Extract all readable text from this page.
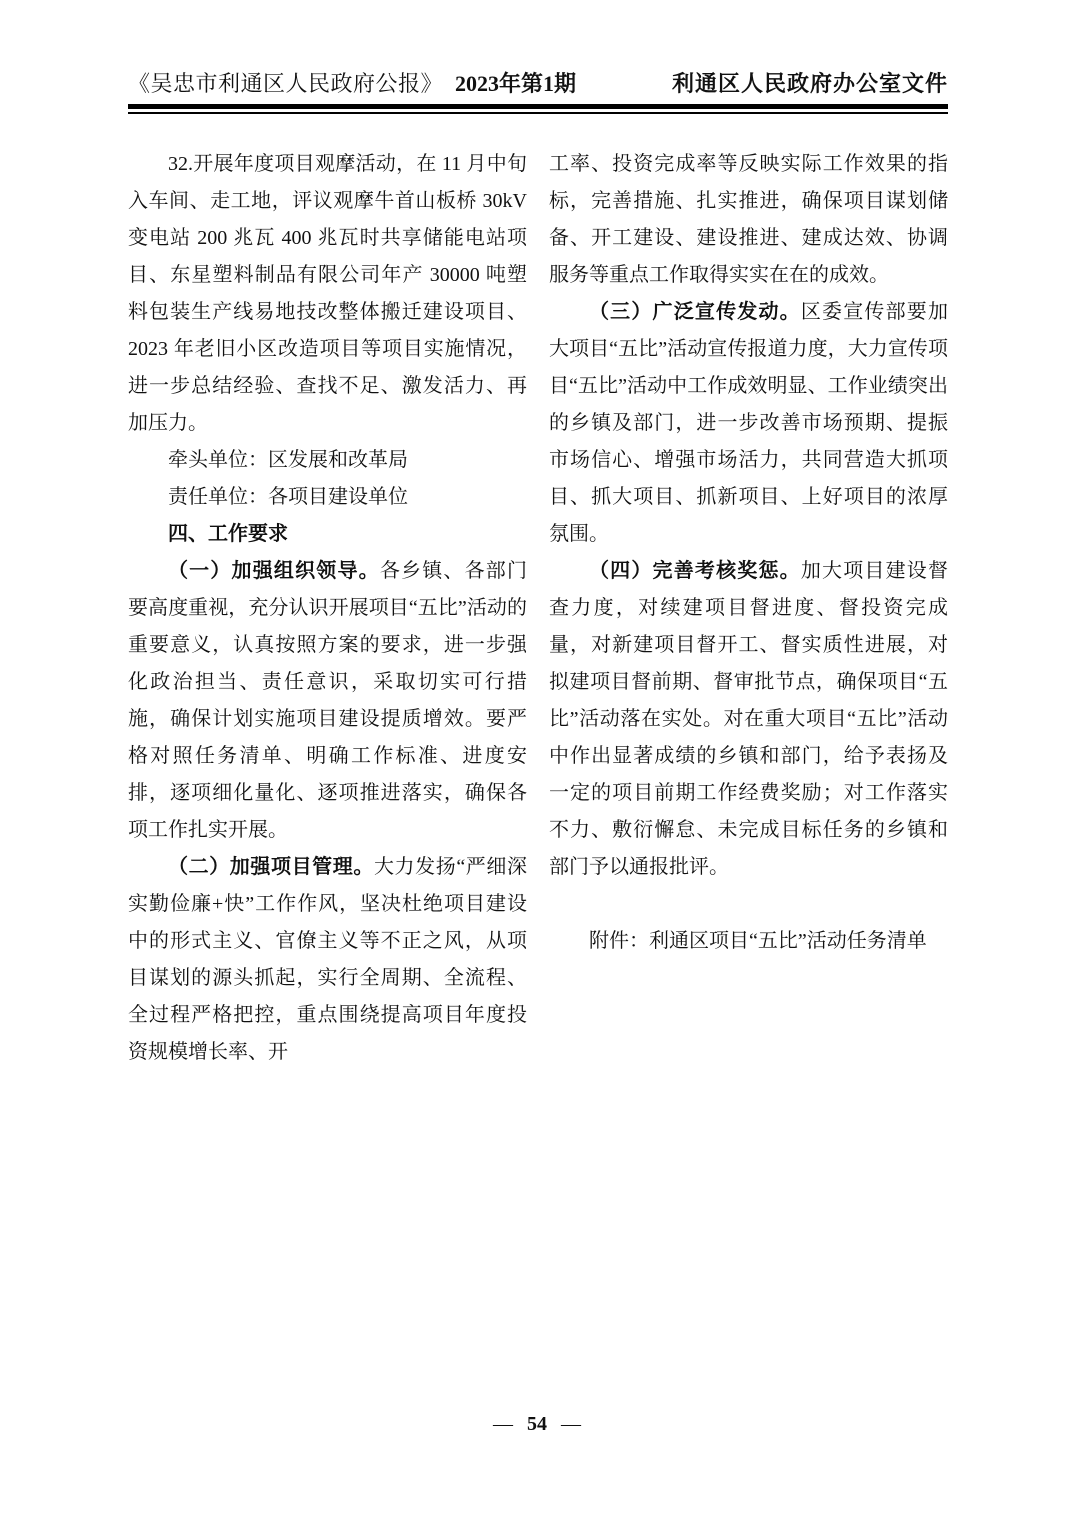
《吴忠市利通区人民政府公报》 2023年第1期	利通区人民政府办公室文件

32.开展年度项目观摩活动，在 11 月中旬入车间、走工地，评议观摩牛首山板桥 30kV 变电站 200 兆瓦 400 兆瓦时共享储能电站项目、东星塑料制品有限公司年产 30000 吨塑料包装生产线易地技改整体搬迁建设项目、2023 年老旧小区改造项目等项目实施情况，进一步总结经验、查找不足、激发活力、再加压力。

牵头单位：区发展和改革局

责任单位：各项目建设单位

四、工作要求

（一）加强组织领导。各乡镇、各部门要高度重视，充分认识开展项目“五比”活动的重要意义，认真按照方案的要求，进一步强化政治担当、责任意识，采取切实可行措施，确保计划实施项目建设提质增效。要严格对照任务清单、明确工作标准、进度安排，逐项细化量化、逐项推进落实，确保各项工作扎实开展。

（二）加强项目管理。大力发扬“严细深实勤俭廉+快”工作作风，坚决杜绝项目建设中的形式主义、官僚主义等不正之风，从项目谋划的源头抓起，实行全周期、全流程、全过程严格把控，重点围绕提高项目年度投资规模增长率、开

工率、投资完成率等反映实际工作效果的指标，完善措施、扎实推进，确保项目谋划储备、开工建设、建设推进、建成达效、协调服务等重点工作取得实实在在的成效。

（三）广泛宣传发动。区委宣传部要加大项目“五比”活动宣传报道力度，大力宣传项目“五比”活动中工作成效明显、工作业绩突出的乡镇及部门，进一步改善市场预期、提振市场信心、增强市场活力，共同营造大抓项目、抓大项目、抓新项目、上好项目的浓厚氛围。

（四）完善考核奖惩。加大项目建设督查力度，对续建项目督进度、督投资完成量，对新建项目督开工、督实质性进展，对拟建项目督前期、督审批节点，确保项目“五比”活动落在实处。对在重大项目“五比”活动中作出显著成绩的乡镇和部门，给予表扬及一定的项目前期工作经费奖励；对工作落实不力、敷衍懈怠、未完成目标任务的乡镇和部门予以通报批评。

附件：利通区项目“五比”活动任务清单

— 54 —
